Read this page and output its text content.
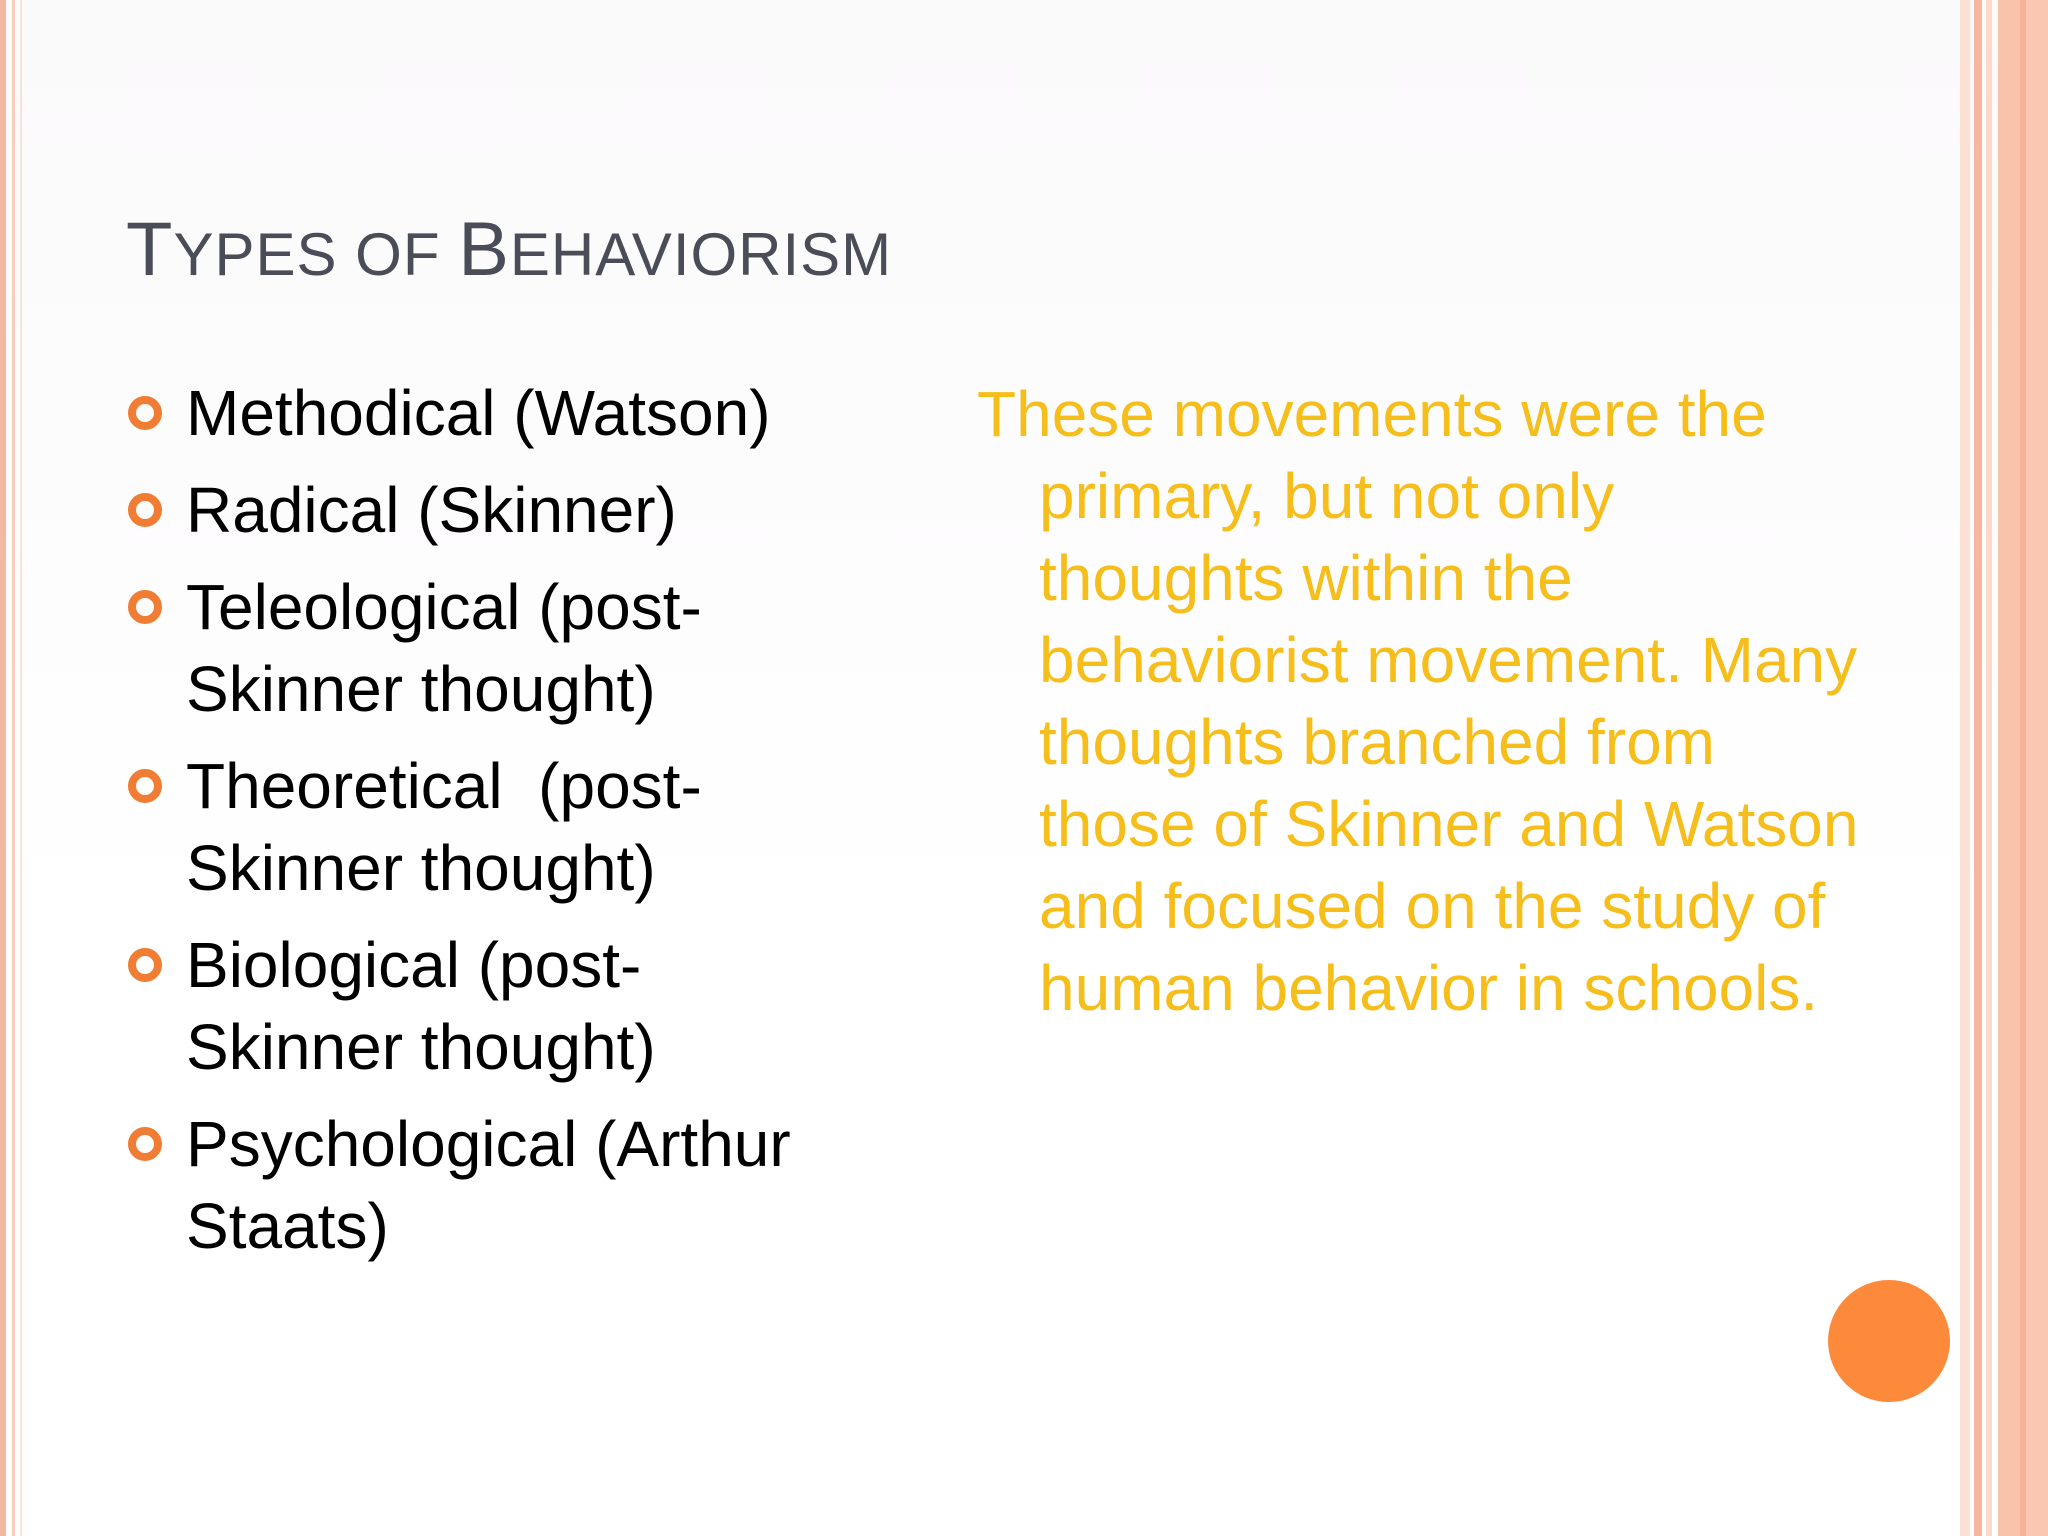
TYPES OF BEHAVIORISM
Methodical (Watson)
Radical (Skinner)
Teleological (post-Skinner thought)
Theoretical  (post-Skinner thought)
Biological (post-Skinner thought)
Psychological (Arthur Staats)

These movements were the primary, but not only thoughts within the behaviorist movement. Many thoughts branched from those of Skinner and Watson and focused on the study of human behavior in schools.
